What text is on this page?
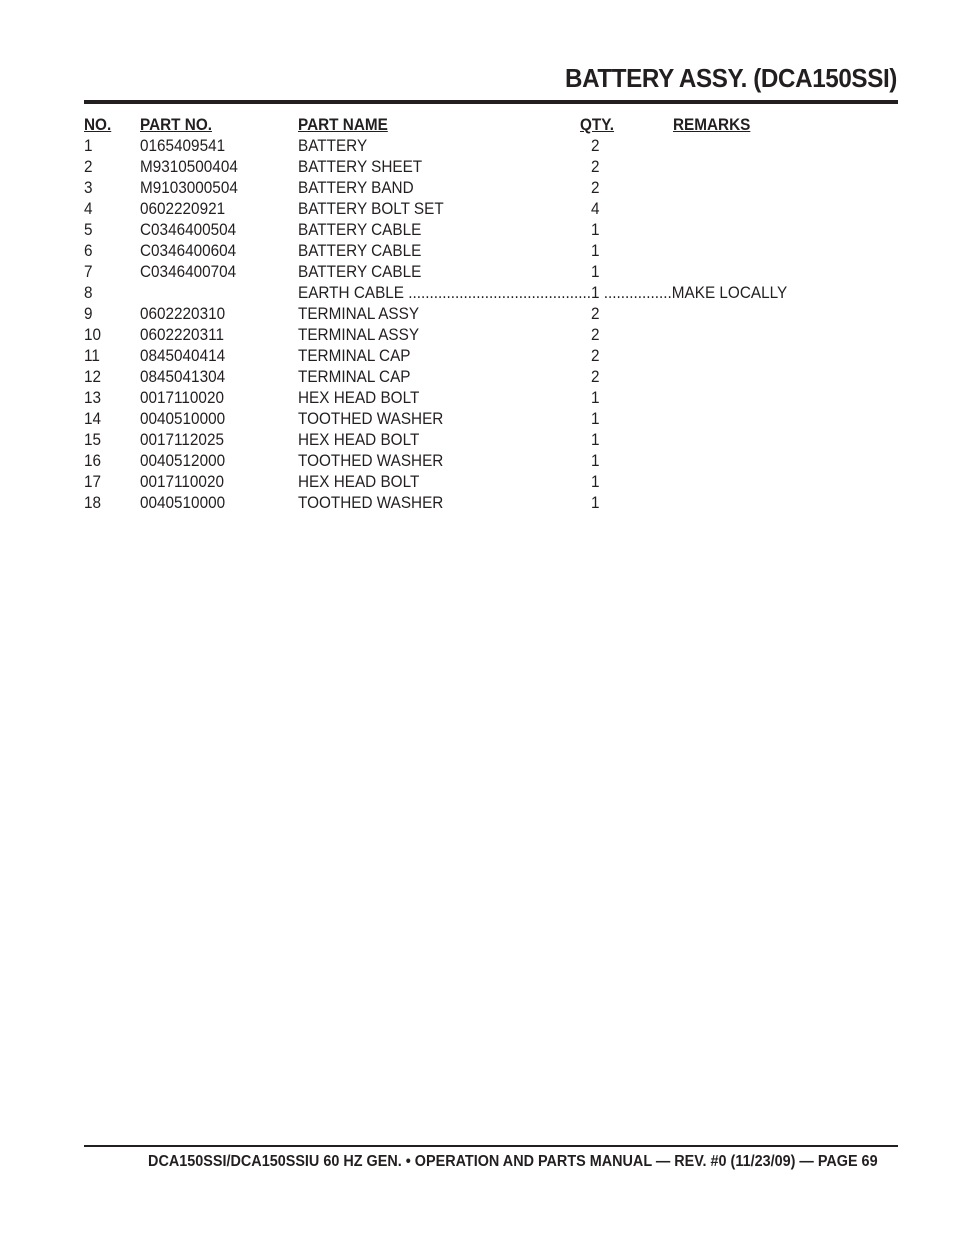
BATTERY ASSY. (DCA150SSI)
NO. PART NO.	PART NAME	QTY.	REMARKS
1	0165409541	BATTERY	2
2	M9310500404	BATTERY SHEET	2
3	M9103000504	BATTERY BAND	2
4	0602220921	BATTERY BOLT SET	4
5	C0346400504	BATTERY CABLE	1
6	C0346400604	BATTERY CABLE	1
7	C0346400704	BATTERY CABLE	1
8	EARTH CABLE ...........................................1 ................MAKE LOCALLY
9	0602220310	TERMINAL ASSY	2
10 0602220311	TERMINAL ASSY	2
11 0845040414	TERMINAL CAP	2
12 0845041304	TERMINAL CAP	2
13 0017110020	HEX HEAD BOLT	1
14 0040510000	TOOTHED WASHER	1
15 0017112025	HEX HEAD BOLT	1
16 0040512000	TOOTHED WASHER	1
17 0017110020	HEX HEAD BOLT	1
18 0040510000	TOOTHED WASHER	1
DCA150SSI/DCA150SSIU 60 HZ GEN. • OPERATION AND PARTS MANUAL — REV. #0 (11/23/09) — PAGE 69
